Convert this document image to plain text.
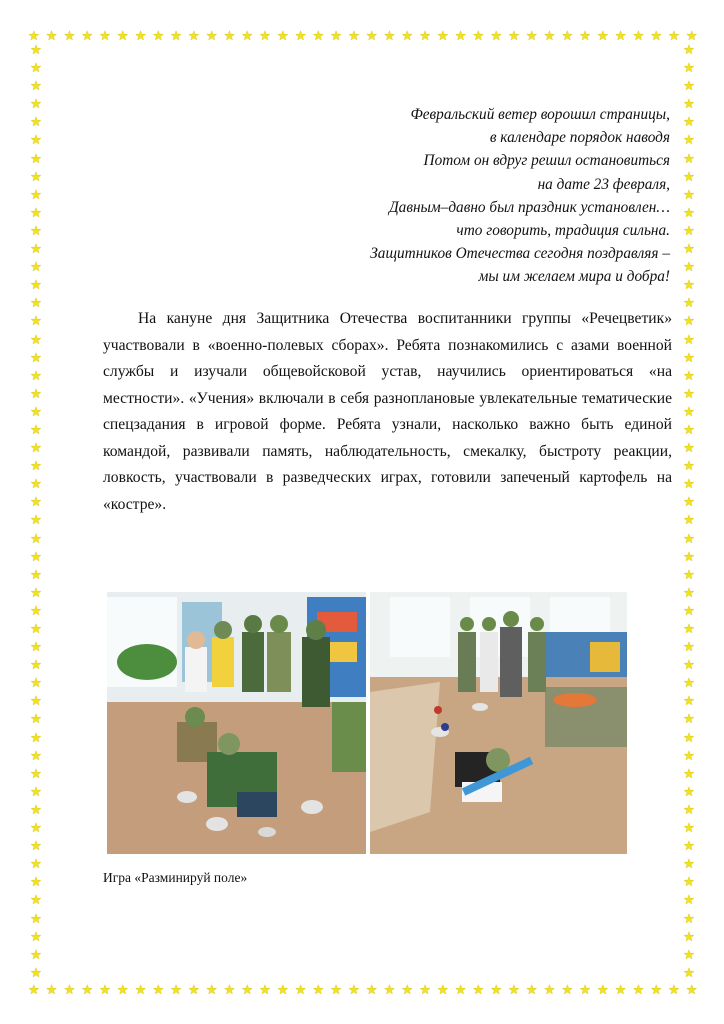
★ ★ ★ ★ ★ ★ ★ ★ ★ ★ ★ ★ ★ ★ ★ ★ ★ ★ ★ ★ ★ ★ ★ ★ ★ ★ ★ ★ ★ ★ ★ ★ ★ ★ ★ ★ ★ ★
★ ★ ★ ★ ★ ★ ★ ★ ★ ★ ★ ★ ★ ★ ★ ★ ★ ★ ★ ★ ★ ★ ★ ★ ★ ★ ★ ★ ★ ★ ★ ★ ★ ★ ★ ★ ★ ★
★
★
★
★
★
★
★
★
★
★
★
★
★
★
★
★
★
★
★
★
★
★
★
★
★
★
★
★
★
★
★
★
★
★
★
★
★
★
★
★
★
★
★
★
★
★
★
★
★
★
★
★
★
★
★
★
★
★
★
★
★
★
★
★
★
★
★
★
★
★
★
★
★
★
★
★
★
★
★
★
★
★
★
★
★
★
★
★
★
★
★
★
★
★
★
★
★
★
★
★
★
★
★
★
Февральский ветер ворошил страницы,
в календаре порядок наводя
Потом он вдруг решил остановиться
на дате 23 февраля,
Давным–давно был праздник установлен…
что говорить, традиция сильна.
Защитников Отечества сегодня поздравляя –
мы им желаем мира и добра!

На кануне дня Защитника Отечества воспитанники группы «Речецветик» участвовали в «военно-полевых сборах». Ребята познакомились с азами военной службы и изучали общевойсковой устав, научились ориентироваться «на местности». «Учения» включали в себя разноплановые увлекательные тематические спецзадания в игровой форме. Ребята узнали, насколько важно быть единой командой, развивали память, наблюдательность, смекалку, быстроту реакции, ловкость, участвовали в разведческих играх, готовили запеченый картофель на «костре».

Игра «Разминируй поле»
